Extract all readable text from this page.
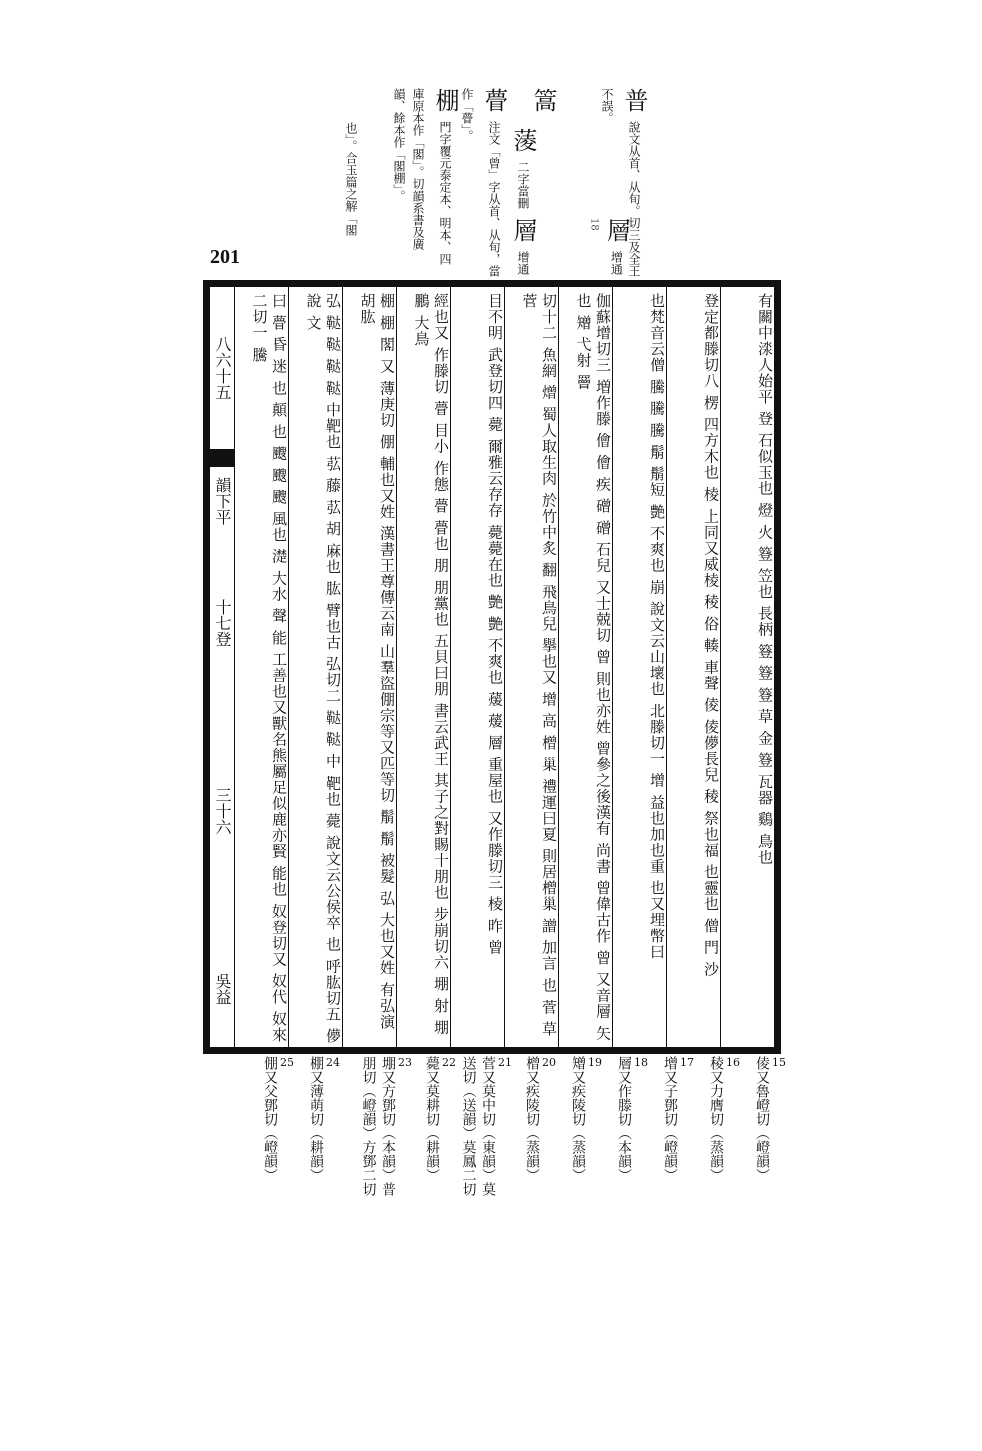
201
普 說文从首、从旬。切三及全王不誤。
層 增通 $^{18}$
篙
蔆 二字當刪
層 增通
瞢 注文「曾」字从首、从旬，當作「瞢」。
棚 門字覆元泰定本、明本、四庫原本作「閣」。切韻系書及廣韻、餘本作「閣棚」。
也」。合玉篇之解「閣
八六十五
韻下平
十七登
三十六
吳益
有關中渁人始平 登 石似玉也 燈 火 簦 笠也 長柄 簦 簦 簦 草 金 簦 瓦器 鷄 鳥也
登定都滕切八 楞 四方木也 棱 上同又威棱 稜 俗 輳 車聲 倰 倰儚長兒 稜 祭也福 也靈也 僧 門 沙
也梵音云僧 騰 騰 騰 鬅 鬅短 艶 不爽也 崩 說文云山壞也 北滕切一 增 益也加也重 也又埋幣曰
伽蘇增切三 増作滕 儈 儈 疾 磳 磳 石兒 又士兢切 曾 則也亦姓 曾參之後漢有 尚書 曾偉古作 曾 又音層 矢也 矰 弋射 罾
切十二 魚網 熷 蜀人取生肉 於竹中炙 翻 飛鳥兒 擧也又 增 高 橧 巢 禮運曰夏 則居橧巢 譄 加言 也 菅 草 菅
目不明 武登切四 薨 爾雅云存存 薨薨在也 艶 艶 不爽也 蕿 蕿 層 重屋也 又作滕切三 棱 昨 曾
經也又 作滕切 瞢 目小 作態 瞢 瞢也 朋 朋黨也 五貝曰朋 書云武王 其子之對賜十朋也 步崩切六 堋 射 堋 鵬 大鳥
棚 棚 閣 又 薄庚切 倗 輔也又姓 漢書王尊傳云南 山羣盜倗宗等又匹等切 鬅 鬅 被髮 弘 大也又姓 有弘演 胡肱
弘 鞑 鞑 鞑 鞑 中靶也 苰 藤 苰 胡 麻也 肱 臂也古 弘切二 鞑 鞑 中 靶也 薨 說文云公侯卒 也 呼肱切五 儚 說 文
曰 瞢 昏 迷 也 顛 也 颼 颼 颼 風也 濋 大水 聲 能 工善也又獸名熊屬足似鹿亦賢 能也 奴登切又 奴代 奴來二切一 騰
15
倰又魯嶝切（嶝韻）
16
稜又力膺切（蒸韻）
17
增又子鄧切（嶝韻）
18
層又作滕切（本韻）
19
矰又疾陵切（蒸韻）
20
橧又疾陵切（蒸韻）
21
菅又莫中切（東韻）莫送切（送韻）莫鳳二切
22
薨又莫耕切（耕韻）
23
堋又方鄧切（本韻）普朋切（嶝韻）方鄧二切
24
棚又薄萌切（耕韻）
25
倗又父鄧切（嶝韻）
